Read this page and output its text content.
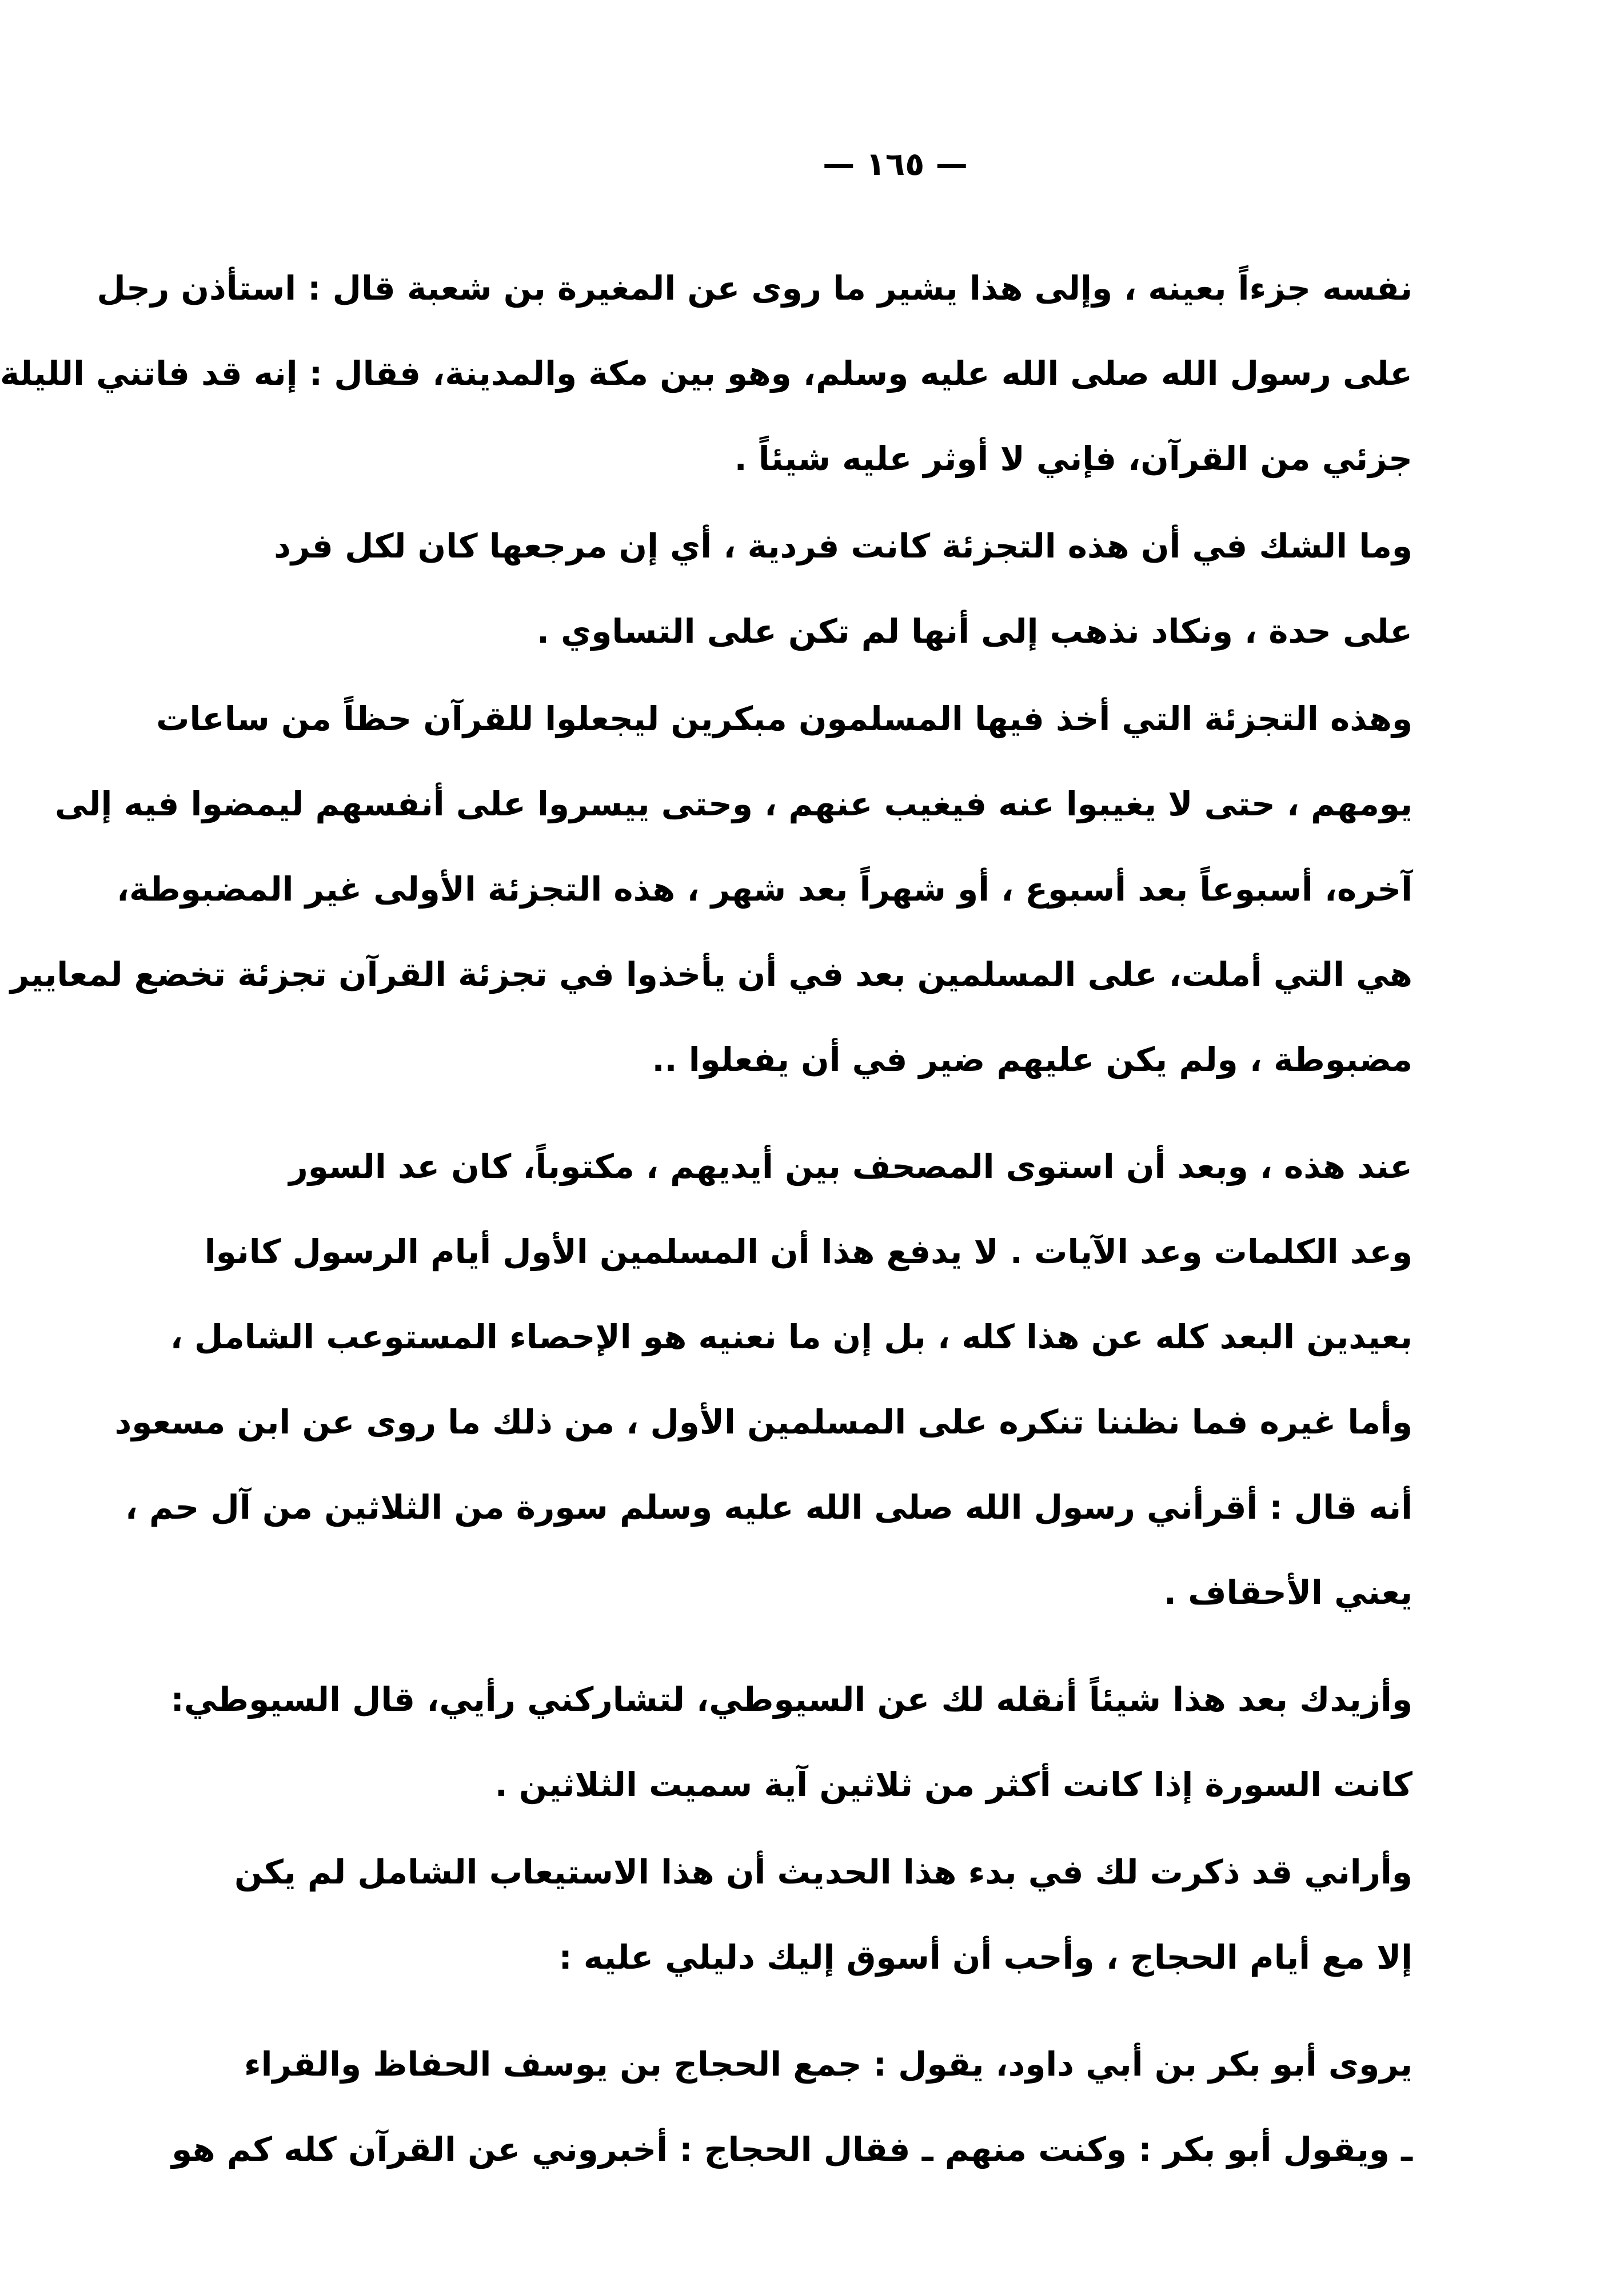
— ١٦٥ —
نفسه جزءاً بعينه ، وإلى هذا يشير ما روى عن المغيرة بن شعبة قال : استأذن رجل
على رسول الله صلى الله عليه وسلم، وهو بين مكة والمدينة، فقال : إنه قد فاتني الليلة
جزئي من القرآن، فإني لا أوثر عليه شيئاً .
وما الشك في أن هذه التجزئة كانت فردية ، أي إن مرجعها كان لكل فرد
على حدة ، ونكاد نذهب إلى أنها لم تكن على التساوي .
وهذه التجزئة التي أخذ فيها المسلمون مبكرين ليجعلوا للقرآن حظاً من ساعات
يومهم ، حتى لا يغيبوا عنه فيغيب عنهم ، وحتى ييسروا على أنفسهم ليمضوا فيه إلى
آخره، أسبوعاً بعد أسبوع ، أو شهراً بعد شهر ، هذه التجزئة الأولى غير المضبوطة،
هي التي أملت، على المسلمين بعد في أن يأخذوا في تجزئة القرآن تجزئة تخضع لمعايير
مضبوطة ، ولم يكن عليهم ضير في أن يفعلوا ..
عند هذه ، وبعد أن استوى المصحف بين أيديهم ، مكتوباً، كان عد السور
وعد الكلمات وعد الآيات . لا يدفع هذا أن المسلمين الأول أيام الرسول كانوا
بعيدين البعد كله عن هذا كله ، بل إن ما نعنيه هو الإحصاء المستوعب الشامل ،
وأما غيره فما نظننا تنكره على المسلمين الأول ، من ذلك ما روى عن ابن مسعود
أنه قال : أقرأني رسول الله صلى الله عليه وسلم سورة من الثلاثين من آل حم ،
يعني الأحقاف .
وأزيدك بعد هذا شيئاً أنقله لك عن السيوطي، لتشاركني رأيي، قال السيوطي:
كانت السورة إذا كانت أكثر من ثلاثين آية سميت الثلاثين .
وأراني قد ذكرت لك في بدء هذا الحديث أن هذا الاستيعاب الشامل لم يكن
إلا مع أيام الحجاج ، وأحب أن أسوق إليك دليلي عليه :
يروى أبو بكر بن أبي داود، يقول : جمع الحجاج بن يوسف الحفاظ والقراء
ـ ويقول أبو بكر : وكنت منهم ـ فقال الحجاج : أخبروني عن القرآن كله كم هو
